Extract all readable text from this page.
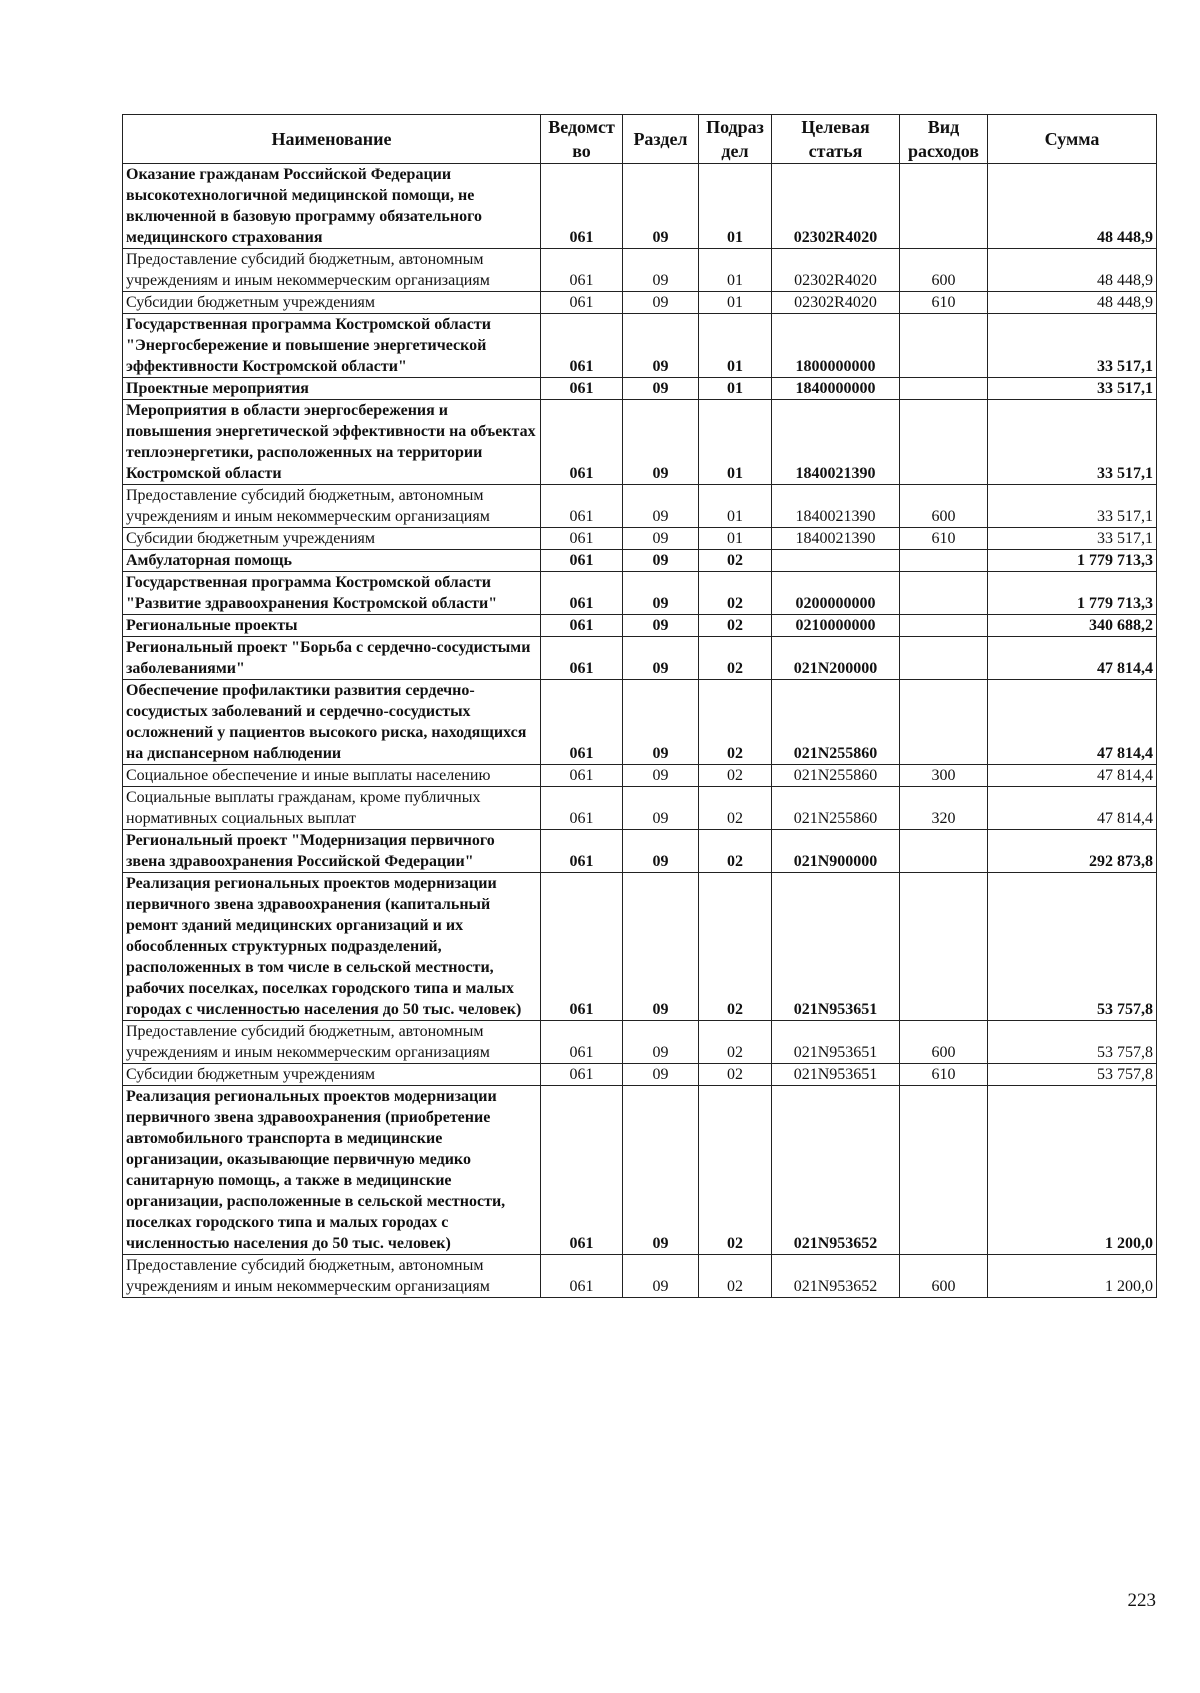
Наименование	Ведомство	Раздел	Подраздел	Целевая статья	Вид расходов	Сумма
Оказание гражданам Российской Федерации высокотехнологичной медицинской помощи, не включенной в базовую программу обязательного медицинского страхования	061	09	01	02302R4020		48 448,9
Предоставление субсидий бюджетным, автономным учреждениям и иным некоммерческим организациям	061	09	01	02302R4020	600	48 448,9
Субсидии бюджетным учреждениям	061	09	01	02302R4020	610	48 448,9
Государственная программа Костромской области "Энергосбережение и повышение энергетической эффективности Костромской области"	061	09	01	1800000000		33 517,1
Проектные мероприятия	061	09	01	1840000000		33 517,1
Мероприятия в области энергосбережения и повышения энергетической эффективности на объектах теплоэнергетики, расположенных на территории Костромской области	061	09	01	1840021390		33 517,1
Предоставление субсидий бюджетным, автономным учреждениям и иным некоммерческим организациям	061	09	01	1840021390	600	33 517,1
Субсидии бюджетным учреждениям	061	09	01	1840021390	610	33 517,1
Амбулаторная помощь	061	09	02			1 779 713,3
Государственная программа Костромской области "Развитие здравоохранения Костромской области"	061	09	02	0200000000		1 779 713,3
Региональные проекты	061	09	02	0210000000		340 688,2
Региональный проект "Борьба с сердечно-сосудистыми заболеваниями"	061	09	02	021N200000		47 814,4
Обеспечение профилактики развития сердечно-сосудистых заболеваний и сердечно-сосудистых осложнений у пациентов высокого риска, находящихся на диспансерном наблюдении	061	09	02	021N255860		47 814,4
Социальное обеспечение и иные выплаты населению	061	09	02	021N255860	300	47 814,4
Социальные выплаты гражданам, кроме публичных нормативных социальных выплат	061	09	02	021N255860	320	47 814,4
Региональный проект "Модернизация первичного звена здравоохранения Российской Федерации"	061	09	02	021N900000		292 873,8
Реализация региональных проектов модернизации первичного звена здравоохранения (капитальный ремонт зданий медицинских организаций и их обособленных структурных подразделений, расположенных в том числе в сельской местности, рабочих поселках, поселках городского типа и малых городах с численностью населения до 50 тыс. человек)	061	09	02	021N953651		53 757,8
Предоставление субсидий бюджетным, автономным учреждениям и иным некоммерческим организациям	061	09	02	021N953651	600	53 757,8
Субсидии бюджетным учреждениям	061	09	02	021N953651	610	53 757,8
Реализация региональных проектов модернизации первичного звена здравоохранения (приобретение автомобильного транспорта в медицинские организации, оказывающие первичную медико санитарную помощь, а также в медицинские организации, расположенные в сельской местности, поселках городского типа и малых городах с численностью населения до 50 тыс. человек)	061	09	02	021N953652		1 200,0
Предоставление субсидий бюджетным, автономным учреждениям и иным некоммерческим организациям	061	09	02	021N953652	600	1 200,0
223
